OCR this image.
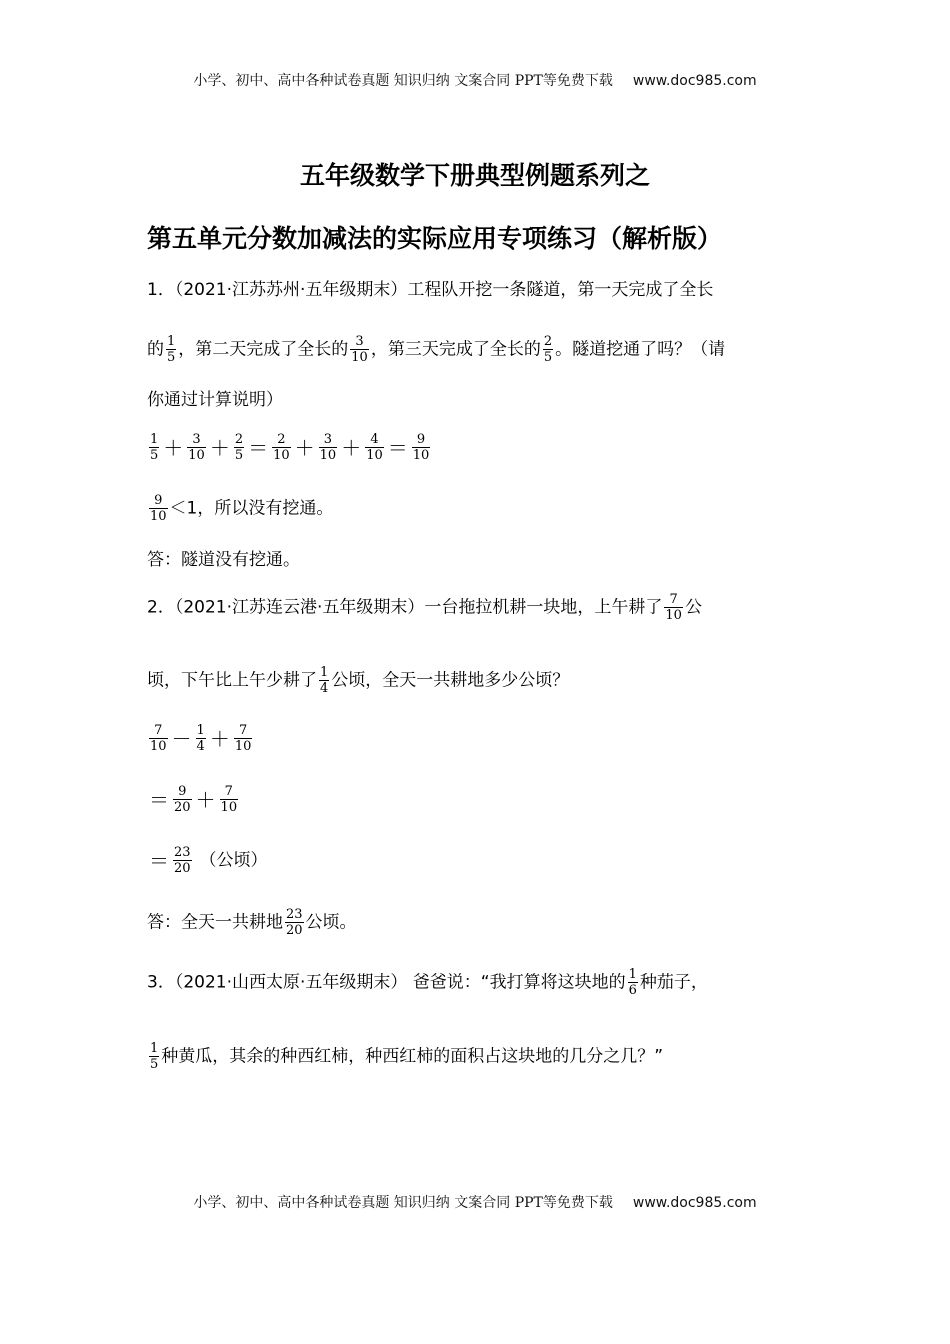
小学、初中、高中各种试卷真题 知识归纳 文案合同 PPT等免费下载 www.doc985.com
五年级数学下册典型例题系列之
第五单元分数加减法的实际应用专项练习（解析版）
1．（2021·江苏苏州·五年级期末）工程队开挖一条隧道，第一天完成了全长
的 $\frac{1}{5}$ ，第二天完成了全长的 $\frac{3}{10}$ ，第三天完成了全长的 $\frac{2}{5}$ 。隧道挖通了吗？（请
你通过计算说明）
$\frac{1}{5} + \frac{3}{10} + \frac{2}{5} = \frac{2}{10} + \frac{3}{10} + \frac{4}{10} = \frac{9}{10}$
$\frac{9}{10} <1$，所以没有挖通。
答：隧道没有挖通。
2．（2021·江苏连云港·五年级期末）一台拖拉机耕一块地，上午耕了 $\frac{7}{10}$ 公
顷，下午比上午少耕了 $\frac{1}{4}$ 公顷，全天一共耕地多少公顷？
$\frac{7}{10} - \frac{1}{4} + \frac{7}{10}$
＝ $\frac{9}{20} + \frac{7}{10}$
＝ $\frac{23}{20}$ （公顷）
答：全天一共耕地 $\frac{23}{20}$ 公顷。
3．（2021·山西太原·五年级期末） 爸爸说：“我打算将这块地的 $\frac{1}{6}$ 种茄子，
$\frac{1}{5}$ 种黄瓜，其余的种西红柿，种西红柿的面积占这块地的几分之几？”
小学、初中、高中各种试卷真题 知识归纳 文案合同 PPT等免费下载 www.doc985.com
